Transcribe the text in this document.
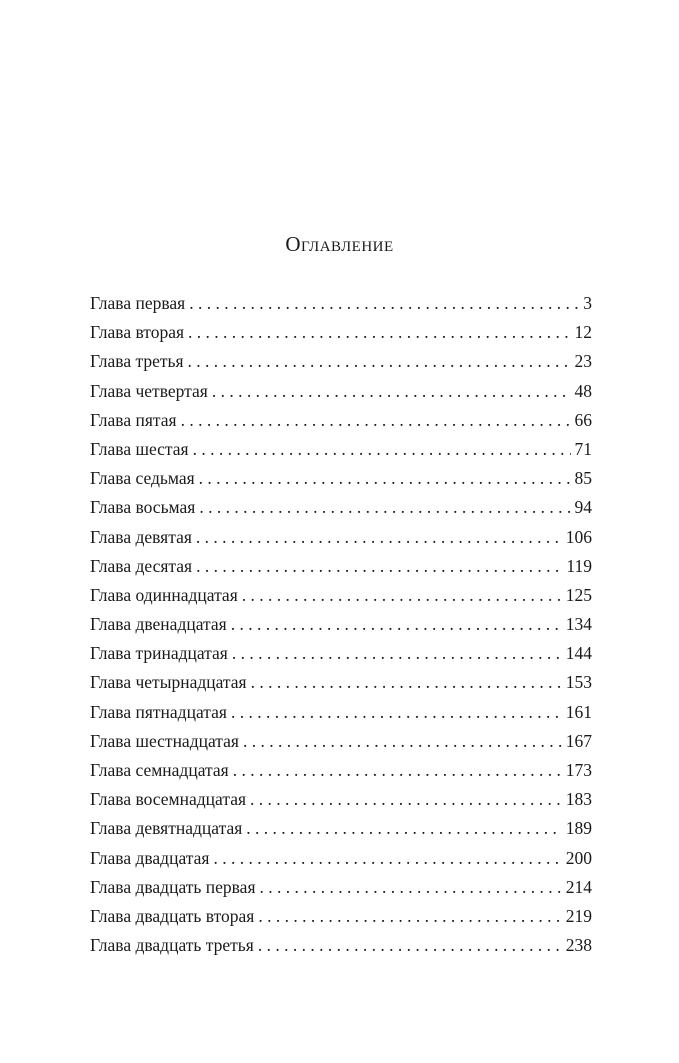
Оглавление
Глава первая . . .	3
Глава вторая . . .	12
Глава третья . . .	23
Глава четвертая . . .	48
Глава пятая . . .	66
Глава шестая . . .	71
Глава седьмая . . .	85
Глава восьмая . . .	94
Глава девятая . . .	106
Глава десятая . . .	119
Глава одиннадцатая . . .	125
Глава двенадцатая . . .	134
Глава тринадцатая . . .	144
Глава четырнадцатая . . .	153
Глава пятнадцатая . . .	161
Глава шестнадцатая . . .	167
Глава семнадцатая . . .	173
Глава восемнадцатая . . .	183
Глава девятнадцатая . . .	189
Глава двадцатая . . .	200
Глава двадцать первая . . .	214
Глава двадцать вторая . . .	219
Глава двадцать третья . . .	238
